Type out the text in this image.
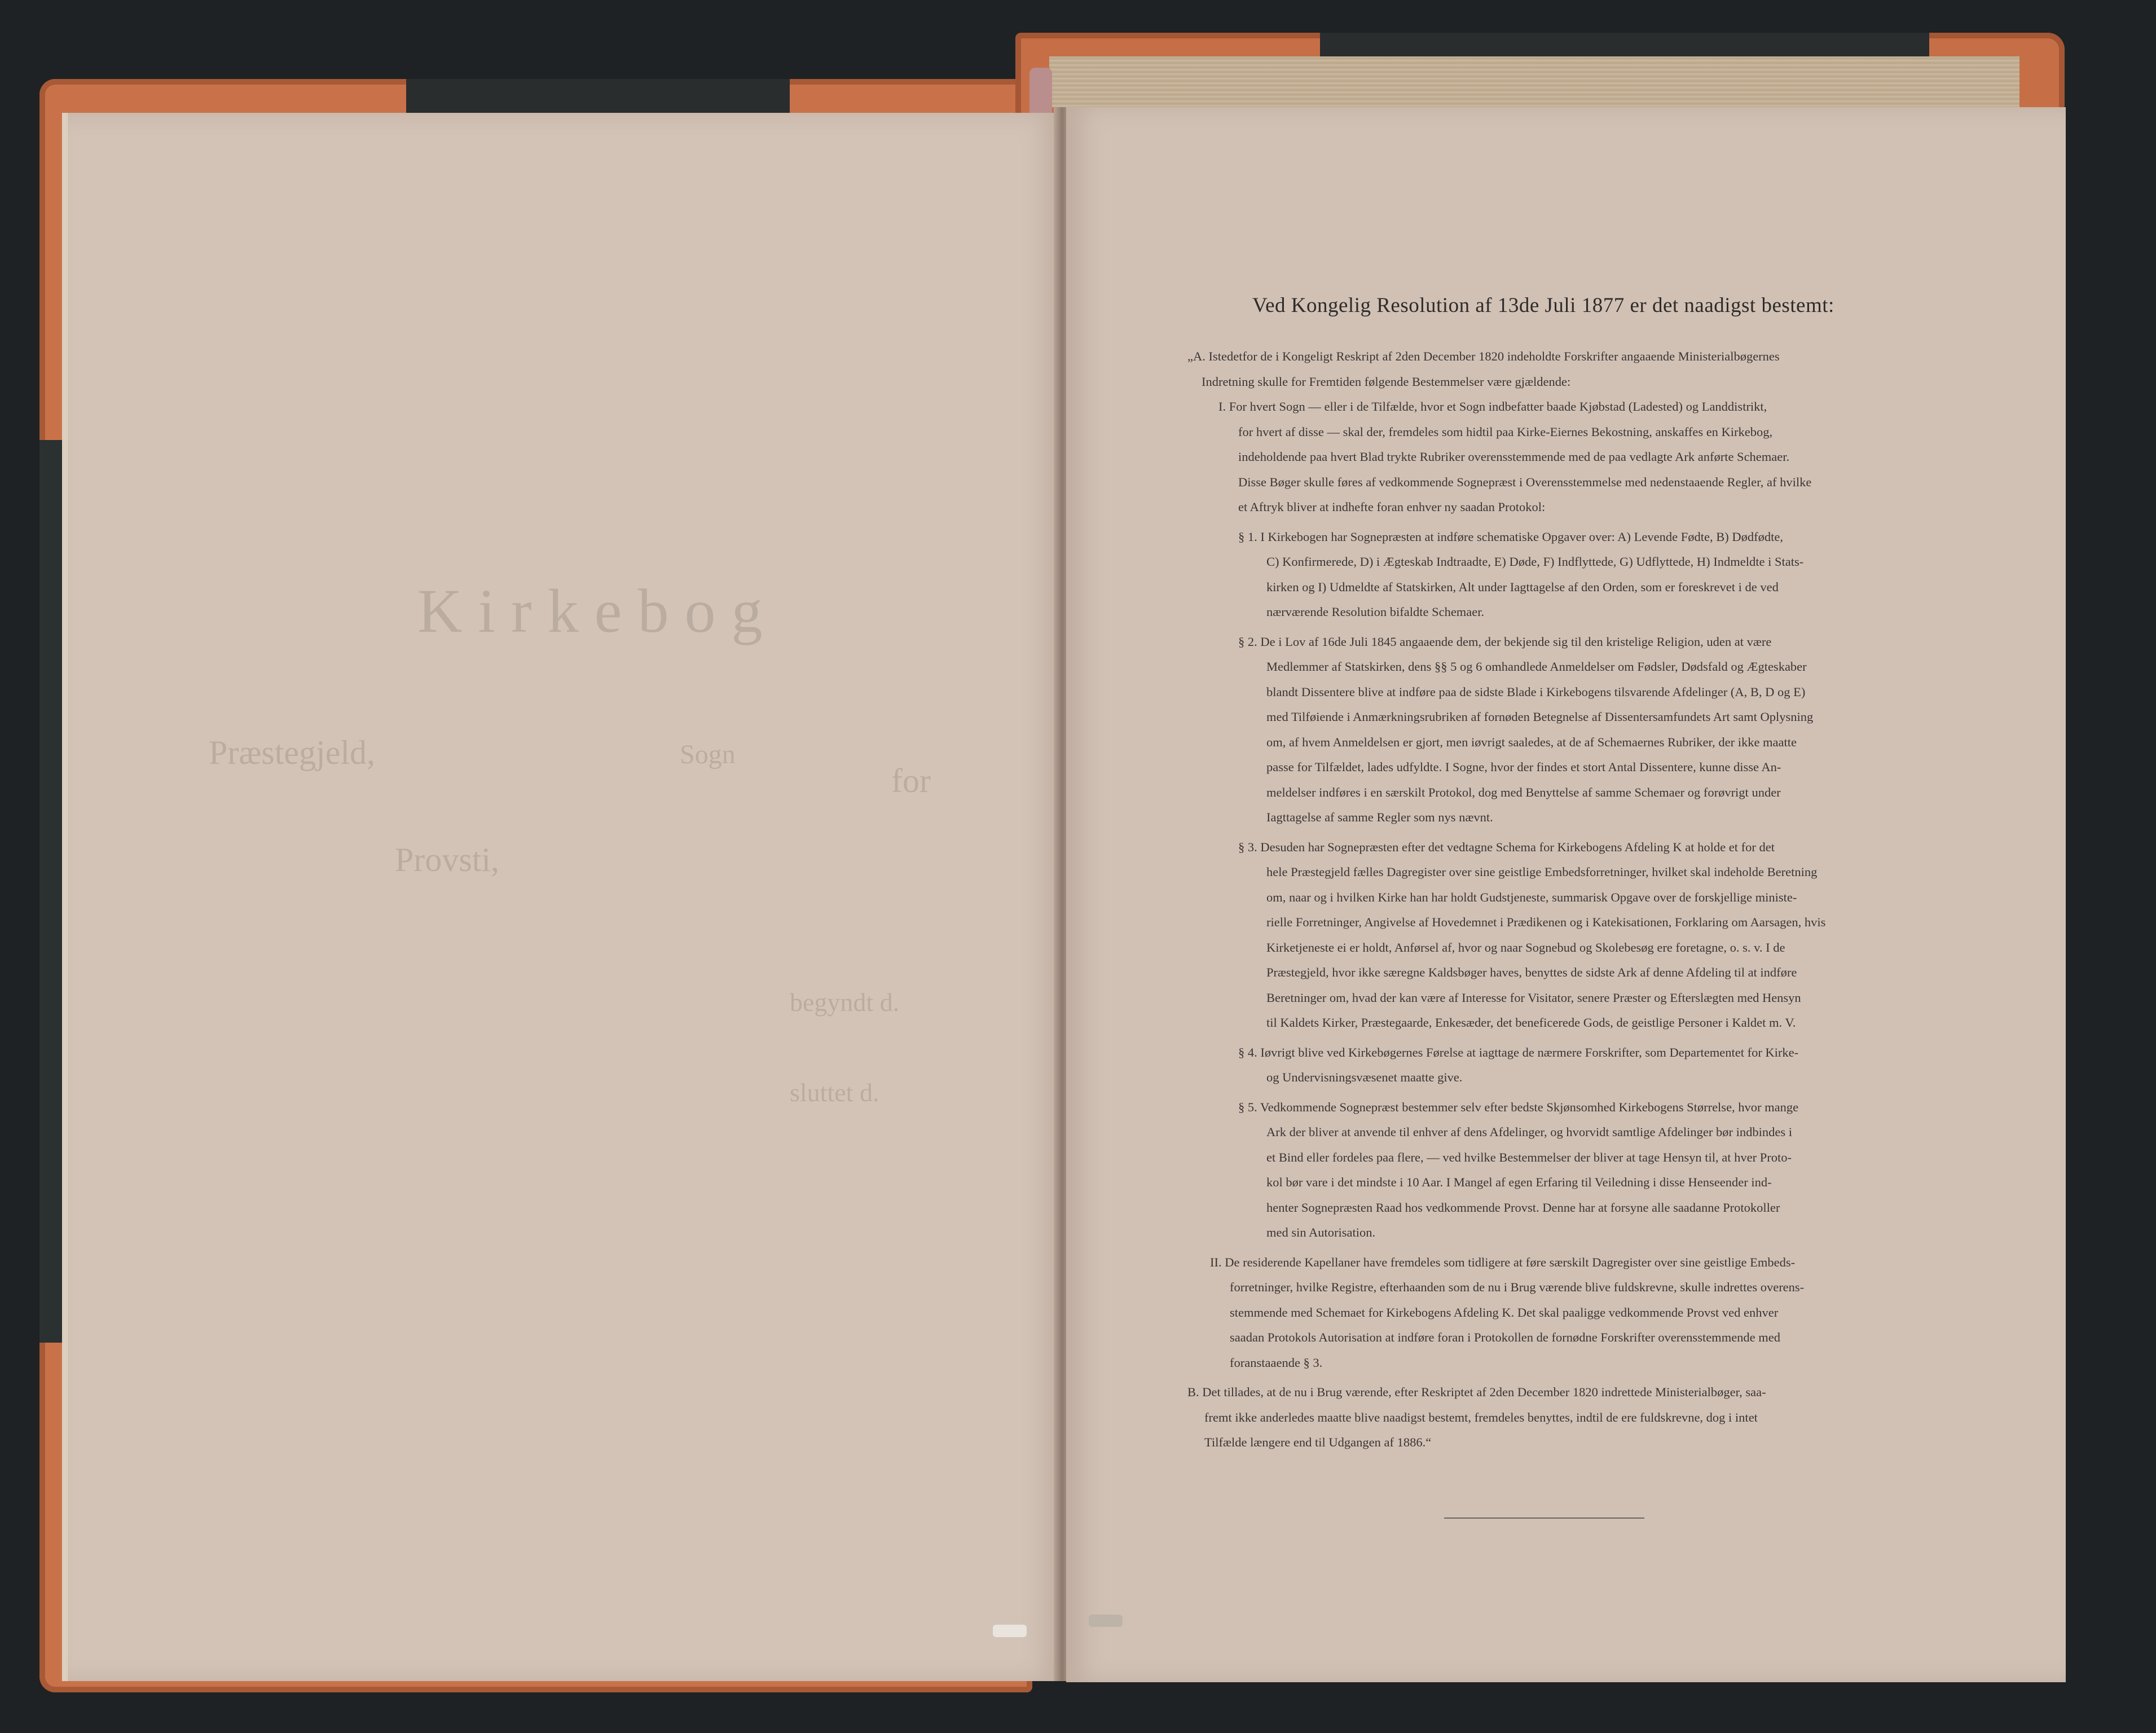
Kirkebog
for
Sogn
Præstegjeld,
Provsti,
begyndt d.
sluttet d.
Ved Kongelig Resolution af 13de Juli 1877 er det naadigst bestemt:
„A. Istedetfor de i Kongeligt Reskript af 2den December 1820 indeholdte Forskrifter angaaende Ministerialbøgernes
Indretning skulle for Fremtiden følgende Bestemmelser være gjældende:
I. For hvert Sogn — eller i de Tilfælde, hvor et Sogn indbefatter baade Kjøbstad (Ladested) og Landdistrikt,
for hvert af disse — skal der, fremdeles som hidtil paa Kirke-Eiernes Bekostning, anskaffes en Kirkebog,
indeholdende paa hvert Blad trykte Rubriker overensstemmende med de paa vedlagte Ark anførte Schemaer.
Disse Bøger skulle føres af vedkommende Sognepræst i Overensstemmelse med nedenstaaende Regler, af hvilke
et Aftryk bliver at indhefte foran enhver ny saadan Protokol:
§ 1. I Kirkebogen har Sognepræsten at indføre schematiske Opgaver over: A) Levende Fødte, B) Dødfødte,
C) Konfirmerede, D) i Ægteskab Indtraadte, E) Døde, F) Indflyttede, G) Udflyttede, H) Indmeldte i Stats-
kirken og I) Udmeldte af Statskirken, Alt under Iagttagelse af den Orden, som er foreskrevet i de ved
nærværende Resolution bifaldte Schemaer.
§ 2. De i Lov af 16de Juli 1845 angaaende dem, der bekjende sig til den kristelige Religion, uden at være
Medlemmer af Statskirken, dens §§ 5 og 6 omhandlede Anmeldelser om Fødsler, Dødsfald og Ægteskaber
blandt Dissentere blive at indføre paa de sidste Blade i Kirkebogens tilsvarende Afdelinger (A, B, D og E)
med Tilføiende i Anmærkningsrubriken af fornøden Betegnelse af Dissentersamfundets Art samt Oplysning
om, af hvem Anmeldelsen er gjort, men iøvrigt saaledes, at de af Schemaernes Rubriker, der ikke maatte
passe for Tilfældet, lades udfyldte. I Sogne, hvor der findes et stort Antal Dissentere, kunne disse An-
meldelser indføres i en særskilt Protokol, dog med Benyttelse af samme Schemaer og forøvrigt under
Iagttagelse af samme Regler som nys nævnt.
§ 3. Desuden har Sognepræsten efter det vedtagne Schema for Kirkebogens Afdeling K at holde et for det
hele Præstegjeld fælles Dagregister over sine geistlige Embedsforretninger, hvilket skal indeholde Beretning
om, naar og i hvilken Kirke han har holdt Gudstjeneste, summarisk Opgave over de forskjellige ministe-
rielle Forretninger, Angivelse af Hovedemnet i Prædikenen og i Katekisationen, Forklaring om Aarsagen, hvis
Kirketjeneste ei er holdt, Anførsel af, hvor og naar Sognebud og Skolebesøg ere foretagne, o. s. v. I de
Præstegjeld, hvor ikke særegne Kaldsbøger haves, benyttes de sidste Ark af denne Afdeling til at indføre
Beretninger om, hvad der kan være af Interesse for Visitator, senere Præster og Efterslægten med Hensyn
til Kaldets Kirker, Præstegaarde, Enkesæder, det beneficerede Gods, de geistlige Personer i Kaldet m. V.
§ 4. Iøvrigt blive ved Kirkebøgernes Førelse at iagttage de nærmere Forskrifter, som Departementet for Kirke-
og Undervisningsvæsenet maatte give.
§ 5. Vedkommende Sognepræst bestemmer selv efter bedste Skjønsomhed Kirkebogens Størrelse, hvor mange
Ark der bliver at anvende til enhver af dens Afdelinger, og hvorvidt samtlige Afdelinger bør indbindes i
et Bind eller fordeles paa flere, — ved hvilke Bestemmelser der bliver at tage Hensyn til, at hver Proto-
kol bør vare i det mindste i 10 Aar. I Mangel af egen Erfaring til Veiledning i disse Henseender ind-
henter Sognepræsten Raad hos vedkommende Provst. Denne har at forsyne alle saadanne Protokoller
med sin Autorisation.
II. De residerende Kapellaner have fremdeles som tidligere at føre særskilt Dagregister over sine geistlige Embeds-
forretninger, hvilke Registre, efterhaanden som de nu i Brug værende blive fuldskrevne, skulle indrettes overens-
stemmende med Schemaet for Kirkebogens Afdeling K. Det skal paaligge vedkommende Provst ved enhver
saadan Protokols Autorisation at indføre foran i Protokollen de fornødne Forskrifter overensstemmende med
foranstaaende § 3.
B. Det tillades, at de nu i Brug værende, efter Reskriptet af 2den December 1820 indrettede Ministerialbøger, saa-
fremt ikke anderledes maatte blive naadigst bestemt, fremdeles benyttes, indtil de ere fuldskrevne, dog i intet
Tilfælde længere end til Udgangen af 1886.“
